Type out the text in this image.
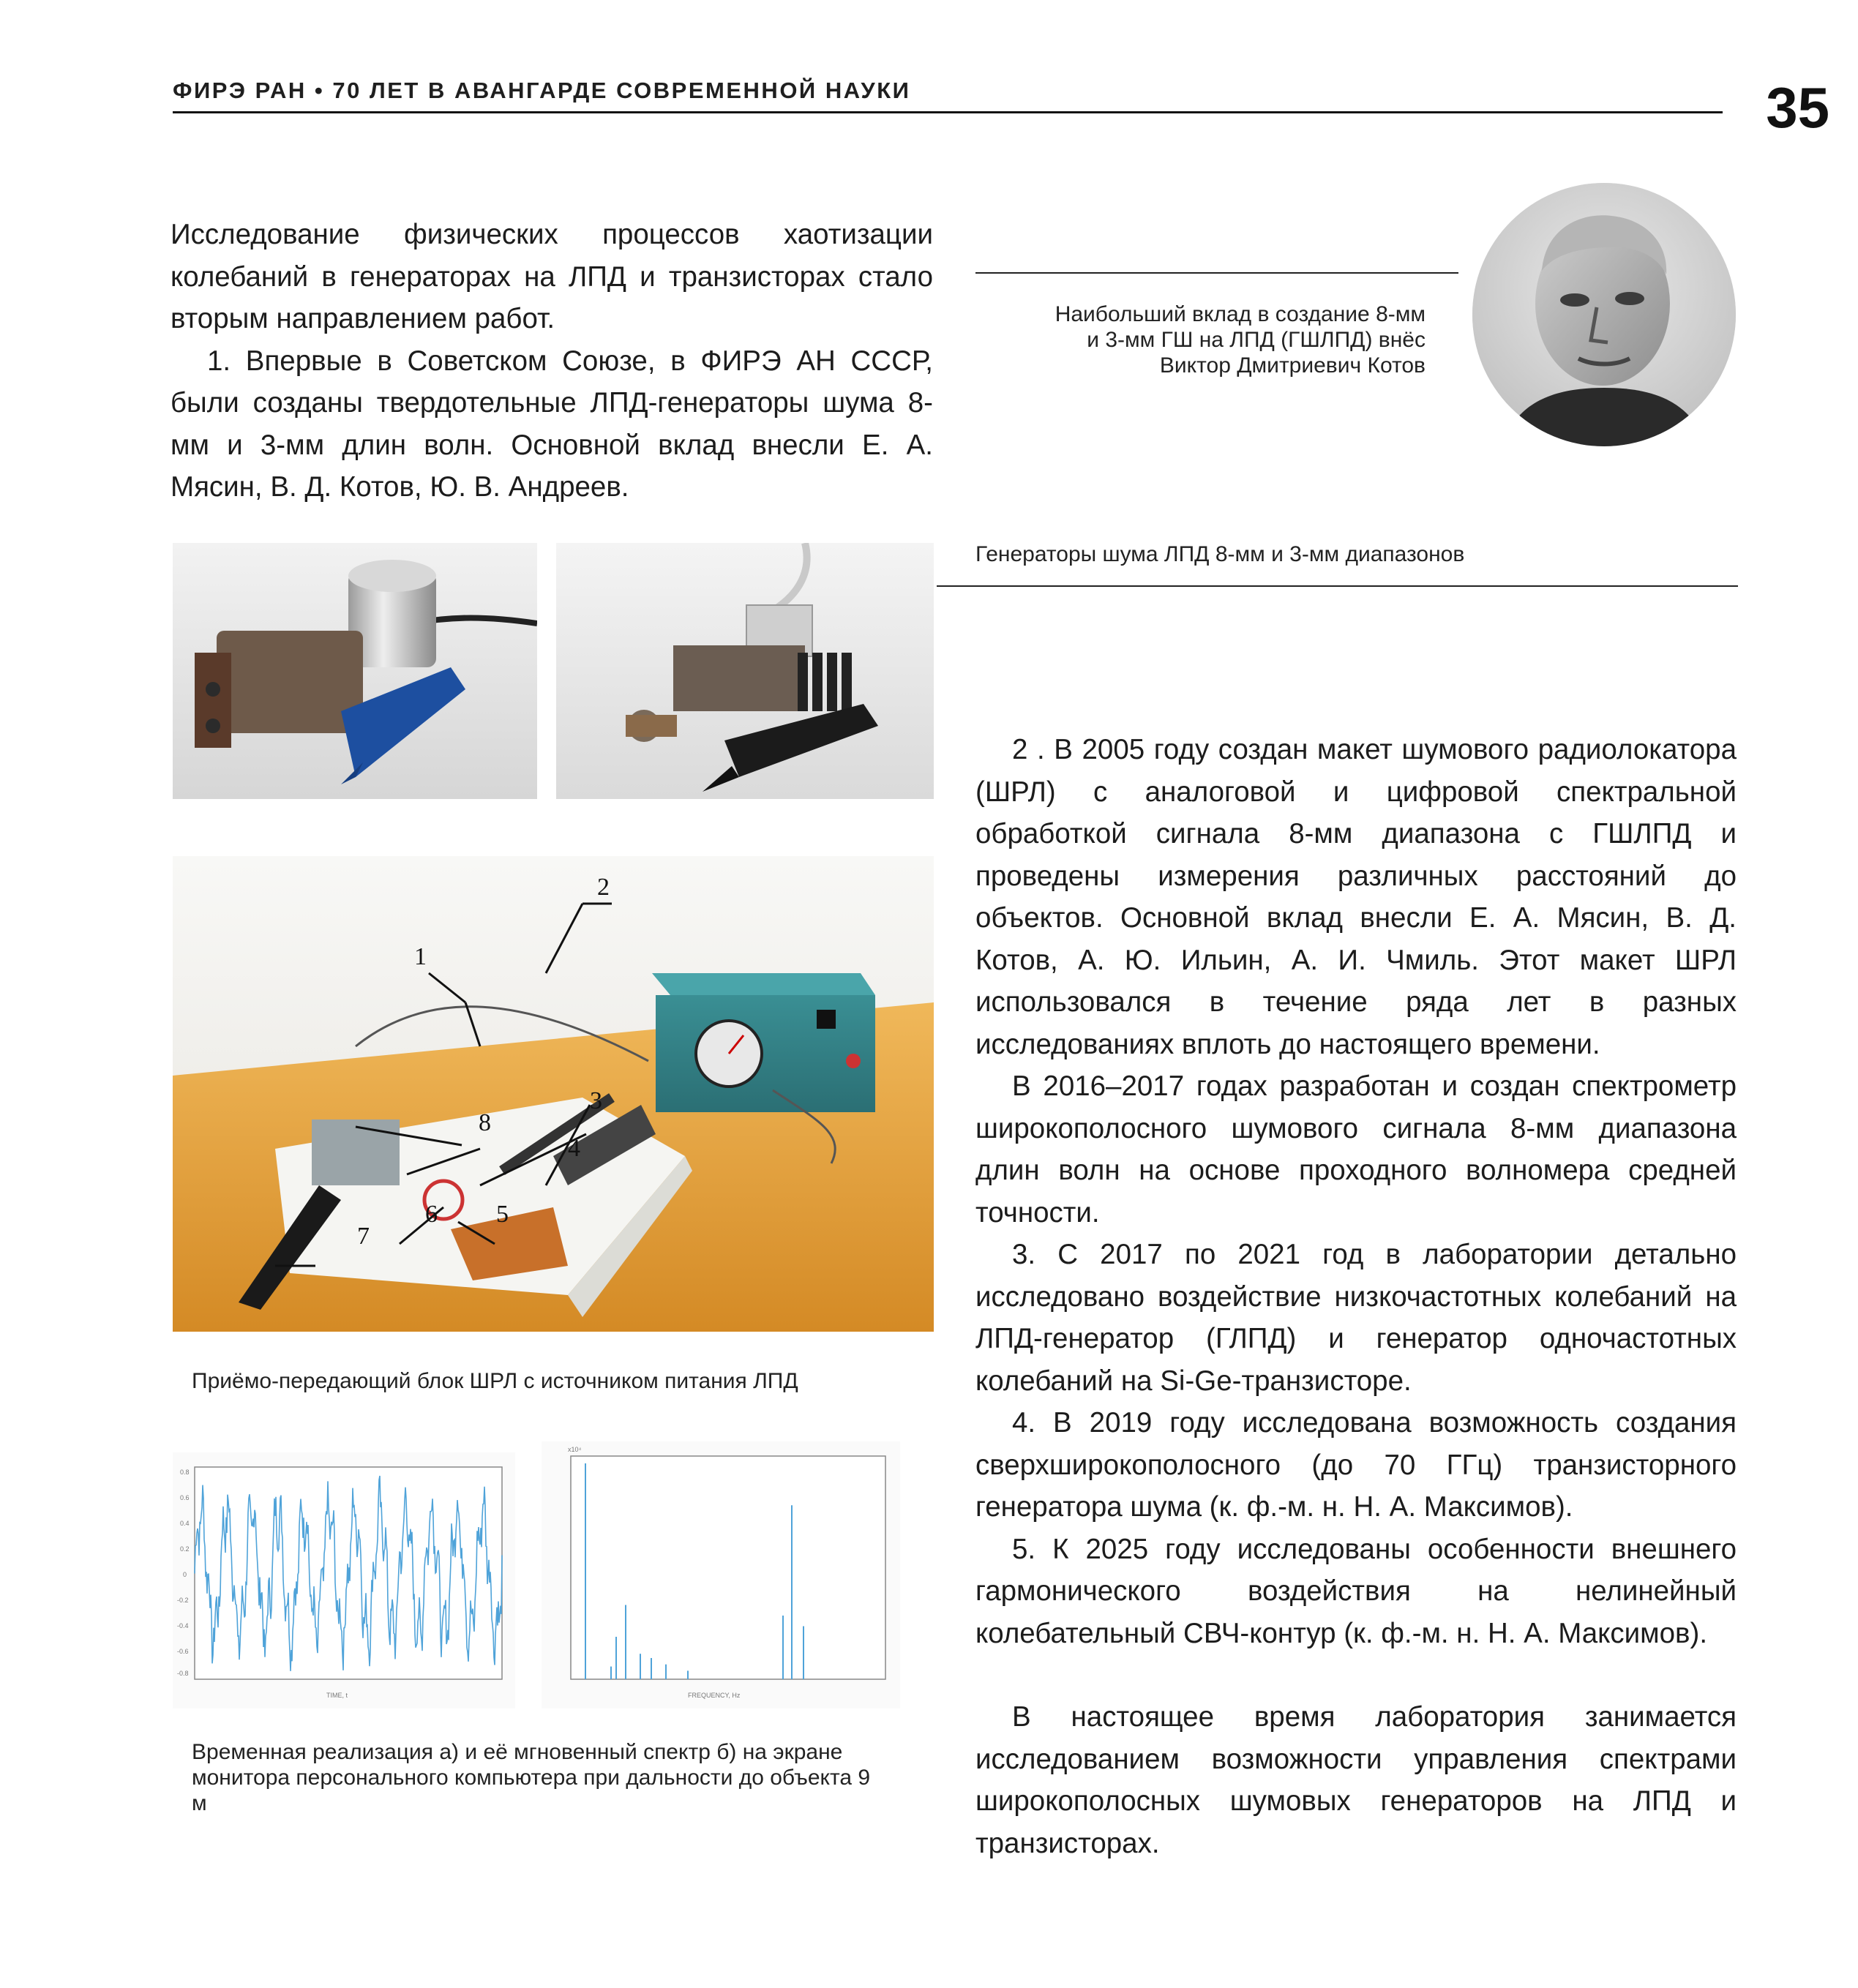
ФИРЭ РАН • 70 ЛЕТ В АВАНГАРДЕ СОВРЕМЕННОЙ НАУКИ	35

Исследование физических процессов хаотизации колебаний в генераторах на ЛПД и транзисторах стало вторым направлением работ.

1. Впервые в Советском Союзе, в ФИРЭ АН СССР, были созданы твердотельные ЛПД-генераторы шума 8-мм и 3-мм длин волн. Основной вклад внесли Е. А. Мясин, В. Д. Котов, Ю. В. Андреев.

Наибольший вклад в создание 8-мм
и 3-мм ГШ на ЛПД (ГШЛПД) внёс
Виктор Дмитриевич Котов
Генераторы шума ЛПД 8-мм и 3-мм диапазонов
1
2
3
4
5
6
7
8
Приёмо-передающий блок ШРЛ с источником питания ЛПД
0.8
0.6
0.4
0.2
0
-0.2
-0.4
-0.6
-0.8
TIME, t
x10⁴
FREQUENCY, Hz
Временная реализация а) и её мгновенный спектр б) на экране монитора персонального компьютера при дальности до объекта 9 м

2 . В 2005 году создан макет шумового радиолокатора (ШРЛ) с аналоговой и цифровой спектральной обработкой сигнала 8-мм диапазона с ГШЛПД и проведены измерения различных расстояний до объектов. Основной вклад внесли Е. А. Мясин, В. Д. Котов, А. Ю. Ильин, А. И. Чмиль. Этот макет ШРЛ использовался в течение ряда лет в разных исследованиях вплоть до настоящего времени.

В 2016–2017 годах разработан и создан спектрометр широкополосного шумового сигнала 8-мм диапазона длин волн на основе проходного волномера средней точности.

3. С 2017 по 2021 год в лаборатории детально исследовано воздействие низкочастотных колебаний на ЛПД-генератор (ГЛПД) и генератор одночастотных колебаний на Si-Ge-транзисторе.

4. В 2019 году исследована возможность создания сверхширокополосного (до 70 ГГц) транзисторного генератора шума (к. ф.-м. н. Н. А. Максимов).

5. К 2025 году исследованы особенности внешнего гармонического воздействия на нелинейный колебательный СВЧ-контур (к. ф.-м. н. Н. А. Максимов).

В настоящее время лаборатория занимается исследованием возможности управления спектрами широкополосных шумовых генераторов на ЛПД и транзисторах.
